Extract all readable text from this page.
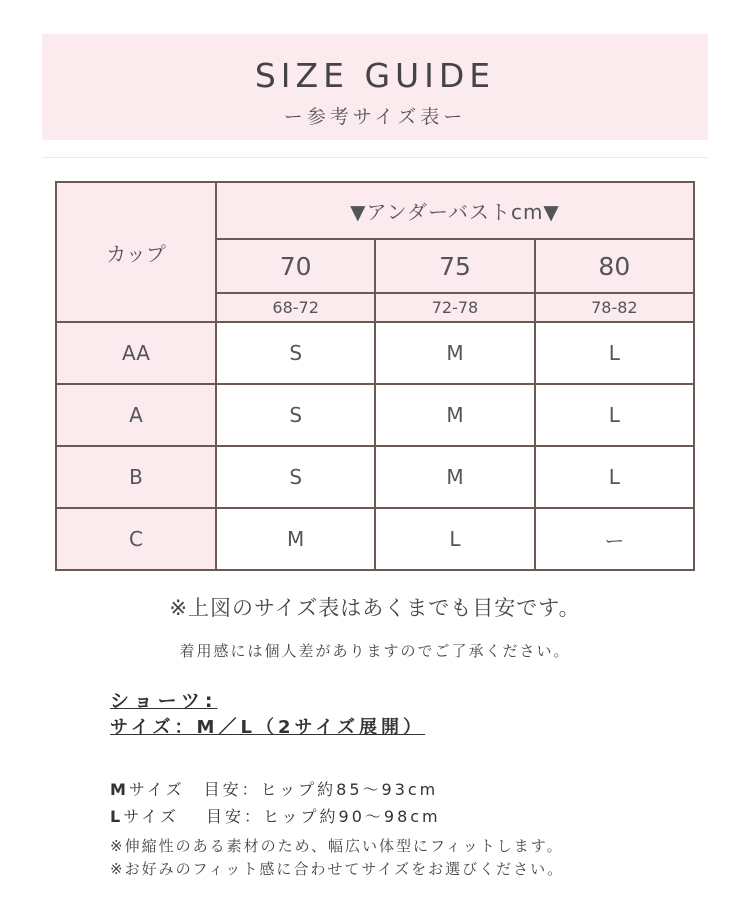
SIZE GUIDE
ー参考サイズ表ー
カップ	▼アンダーバストcm▼		
	70	75	80
	68-72	72-78	78-82
AA	S	M	L
A	S	M	L
B	S	M	L
C	M	L	ー
※上図のサイズ表はあくまでも目安です。
着用感には個人差がありますのでご了承ください。
ショーツ:
サイズ：M／L（2サイズ展開）
Mサイズ　目安：ヒップ約85〜93cm
Lサイズ　 目安：ヒップ約90〜98cm
※伸縮性のある素材のため、幅広い体型にフィットします。
※お好みのフィット感に合わせてサイズをお選びください。
